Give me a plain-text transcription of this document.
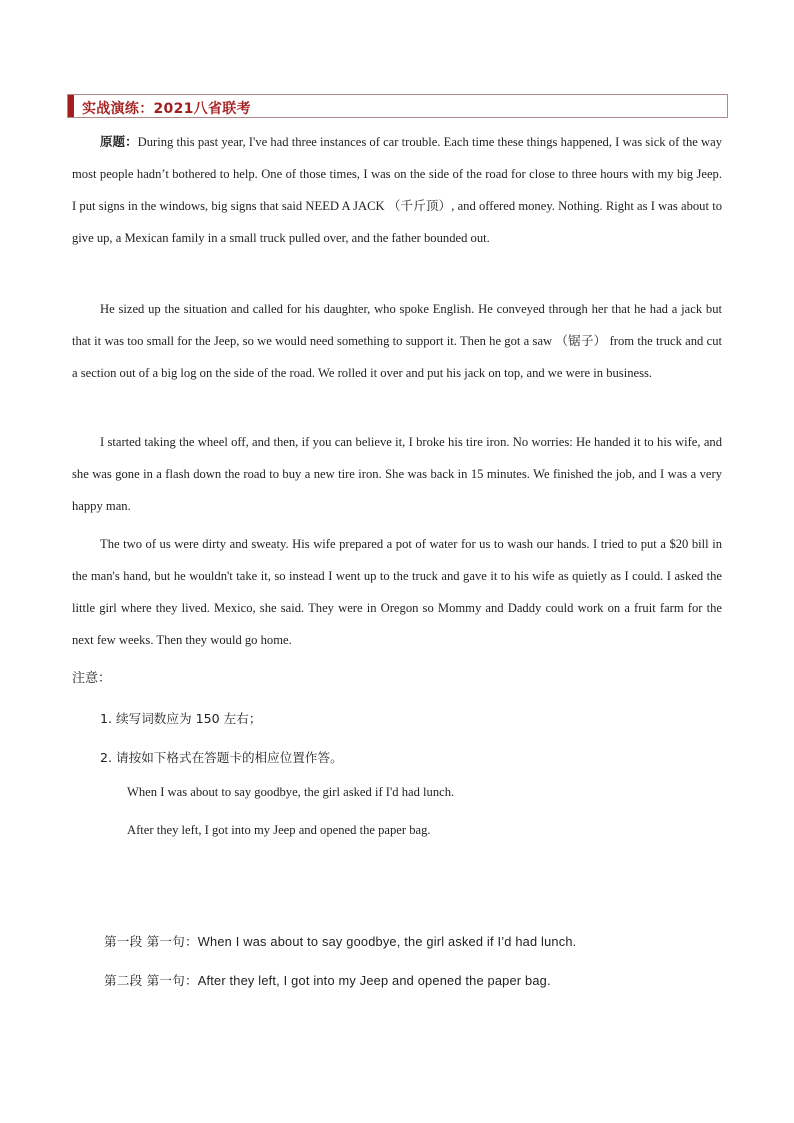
实战演练：2021八省联考
原题：During this past year, I've had three instances of car trouble. Each time these things happened, I was sick of the way most people hadn’t bothered to help. One of those times, I was on the side of the road for close to three hours with my big Jeep. I put signs in the windows, big signs that said NEED A JACK （千斤顶）, and offered money. Nothing. Right as I was about to give up, a Mexican family in a small truck pulled over, and the father bounded out.
He sized up the situation and called for his daughter, who spoke English. He conveyed through her that he had a jack but that it was too small for the Jeep, so we would need something to support it. Then he got a saw （锯子） from the truck and cut a section out of a big log on the side of the road. We rolled it over and put his jack on top, and we were in business.
I started taking the wheel off, and then, if you can believe it, I broke his tire iron. No worries: He handed it to his wife, and she was gone in a flash down the road to buy a new tire iron. She was back in 15 minutes. We finished the job, and I was a very happy man.
The two of us were dirty and sweaty. His wife prepared a pot of water for us to wash our hands. I tried to put a $20 bill in the man's hand, but he wouldn't take it, so instead I went up to the truck and gave it to his wife as quietly as I could. I asked the little girl where they lived. Mexico, she said. They were in Oregon so Mommy and Daddy could work on a fruit farm for the next few weeks. Then they would go home.
注意：
1. 续写词数应为 150 左右；
2. 请按如下格式在答题卡的相应位置作答。
When I was about to say goodbye, the girl asked if I'd had lunch.
After they left, I got into my Jeep and opened the paper bag.
第一段 第一句：When I was about to say goodbye, the girl asked if I’d had lunch.
第二段 第一句：After they left, I got into my Jeep and opened the paper bag.
